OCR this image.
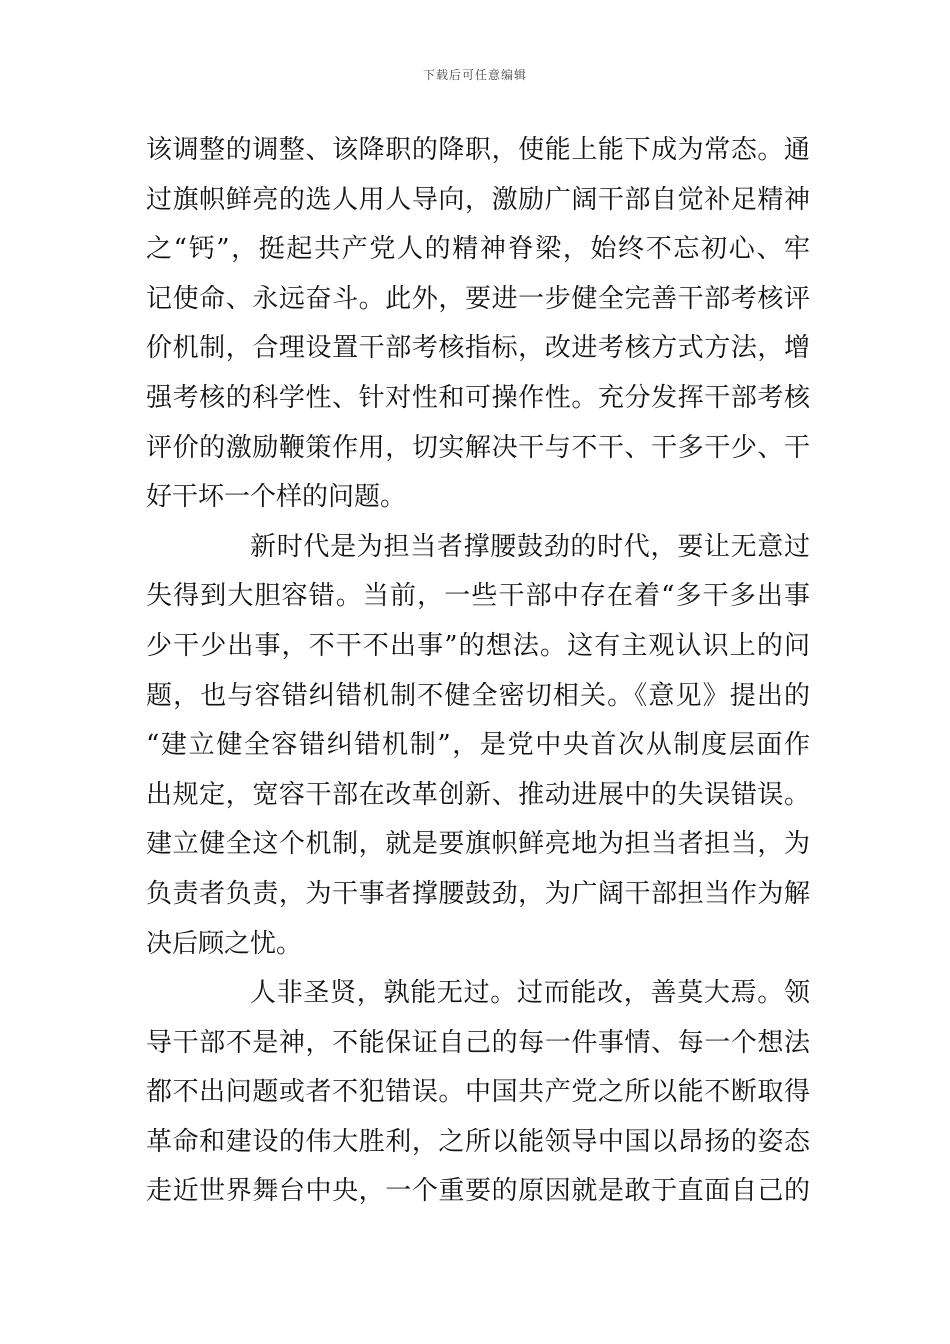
下载后可任意编辑
该调整的调整、该降职的降职，使能上能下成为常态。通
过旗帜鲜亮的选人用人导向，激励广阔干部自觉补足精神
之“钙”，挺起共产党人的精神脊梁，始终不忘初心、牢
记使命、永远奋斗。此外，要进一步健全完善干部考核评
价机制，合理设置干部考核指标，改进考核方式方法，增
强考核的科学性、针对性和可操作性。充分发挥干部考核
评价的激励鞭策作用，切实解决干与不干、干多干少、干
好干坏一个样的问题。
新时代是为担当者撑腰鼓劲的时代，要让无意过
失得到大胆容错。当前，一些干部中存在着“多干多出事
少干少出事，不干不出事”的想法。这有主观认识上的问
题，也与容错纠错机制不健全密切相关。《意见》提出的
“建立健全容错纠错机制”，是党中央首次从制度层面作
出规定，宽容干部在改革创新、推动进展中的失误错误。
建立健全这个机制，就是要旗帜鲜亮地为担当者担当，为
负责者负责，为干事者撑腰鼓劲，为广阔干部担当作为解
决后顾之忧。
人非圣贤，孰能无过。过而能改，善莫大焉。领
导干部不是神，不能保证自己的每一件事情、每一个想法
都不出问题或者不犯错误。中国共产党之所以能不断取得
革命和建设的伟大胜利，之所以能领导中国以昂扬的姿态
走近世界舞台中央，一个重要的原因就是敢于直面自己的
